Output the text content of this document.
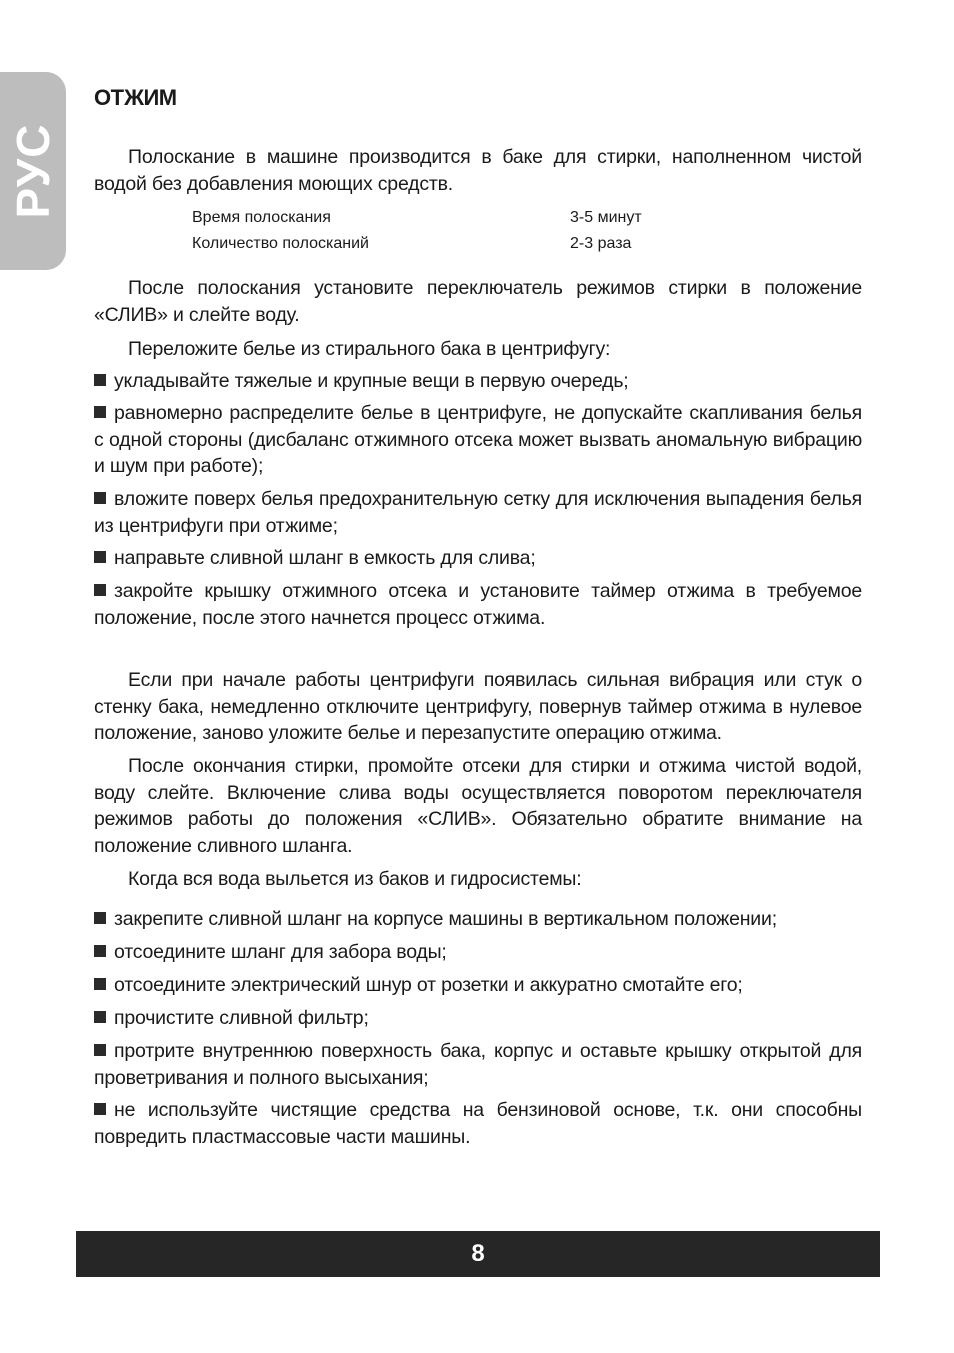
РУС
ОТЖИМ

Полоскание в машине производится в баке для стирки, наполненном чистой водой без добавления моющих средств.

Время полоскания	3-5 минут
Количество полосканий	2-3 раза

После полоскания установите переключатель режимов стирки в положение «СЛИВ» и слейте воду.

Переложите белье из стирального бака в центрифугу:

укладывайте тяжелые и крупные вещи в первую очередь;

равномерно распределите белье в центрифуге, не допускайте скапливания белья с одной стороны (дисбаланс отжимного отсека может вызвать аномальную вибрацию и шум при работе);

вложите поверх белья предохранительную сетку для исключения выпадения белья из центрифуги при отжиме;

направьте сливной шланг в емкость для слива;

закройте крышку отжимного отсека и установите таймер отжима в требуемое положение, после этого начнется процесс отжима.

Если при начале работы центрифуги появилась сильная вибрация или стук о стенку бака, немедленно отключите центрифугу, повернув таймер отжима в нулевое положение, заново уложите белье и перезапустите операцию отжима.

После окончания стирки, промойте отсеки для стирки и отжима чистой водой, воду слейте. Включение слива воды осуществляется поворотом переключателя режимов работы до положения «СЛИВ». Обязательно обратите внимание на положение сливного шланга.

Когда вся вода выльется из баков и гидросистемы:

закрепите сливной шланг на корпусе машины в вертикальном положении;

отсоедините шланг для забора воды;

отсоедините электрический шнур от розетки и аккуратно смотайте его;

прочистите сливной фильтр;

протрите внутреннюю поверхность бака, корпус и оставьте крышку открытой для проветривания и полного высыхания;

не используйте чистящие средства на бензиновой основе, т.к. они способны повредить пластмассовые части машины.

8
